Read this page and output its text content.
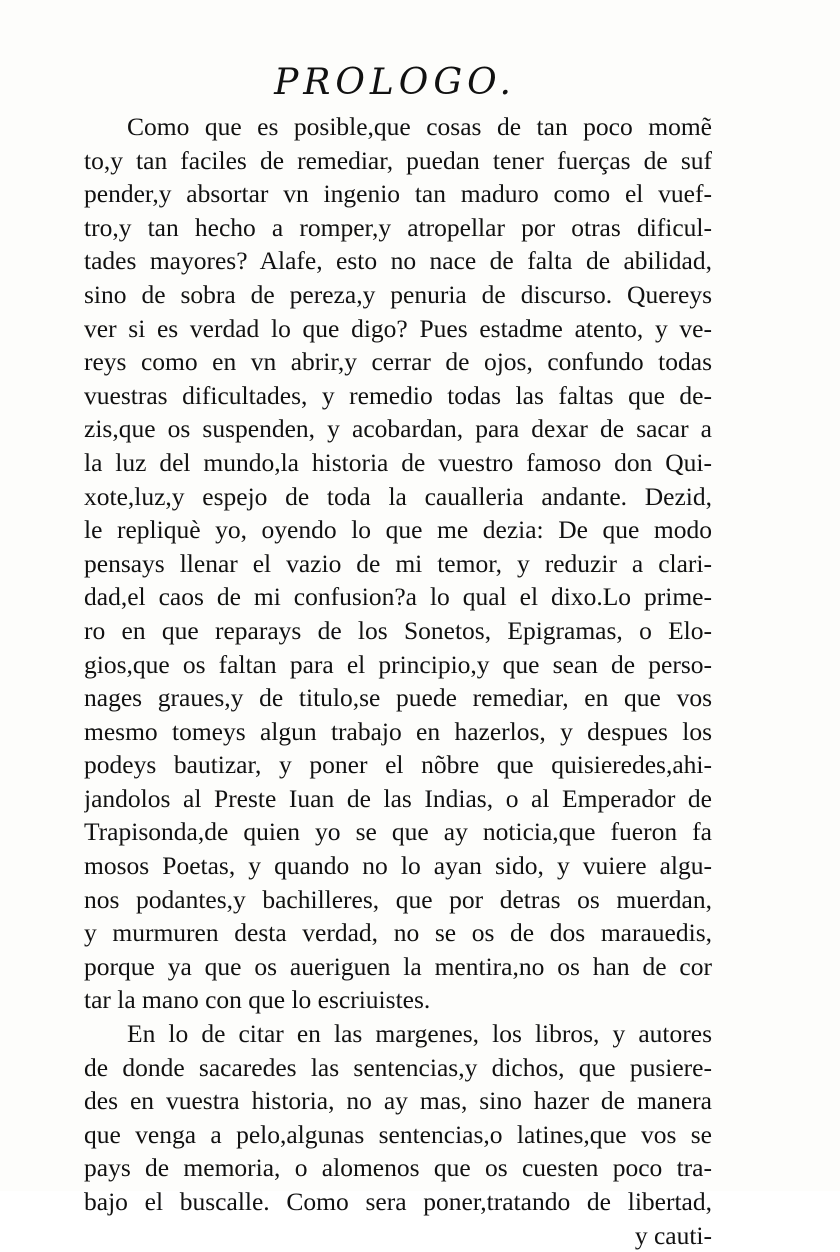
PROLOGO.
Como que es posible,que cosas de tan poco momẽ
to,y tan faciles de remediar, puedan tener fuerças de suf
pender,y absortar vn ingenio tan maduro como el vuef-
tro,y tan hecho a romper,y atropellar por otras dificul-
tades mayores? Alafe, esto no nace de falta de abilidad,
sino de sobra de pereza,y penuria de discurso. Quereys
ver si es verdad lo que digo? Pues estadme atento, y ve-
reys como en vn abrir,y cerrar de ojos, confundo todas
vuestras dificultades, y remedio todas las faltas que de-
zis,que os suspenden, y acobardan, para dexar de sacar a
la luz del mundo,la historia de vuestro famoso don Qui-
xote,luz,y espejo de toda la caualleria andante. Dezid,
le repliquè yo, oyendo lo que me dezia: De que modo
pensays llenar el vazio de mi temor, y reduzir a clari-
dad,el caos de mi confusion?a lo qual el dixo.Lo prime-
ro en que reparays de los Sonetos, Epigramas, o Elo-
gios,que os faltan para el principio,y que sean de perso-
nages graues,y de titulo,se puede remediar, en que vos
mesmo tomeys algun trabajo en hazerlos, y despues los
podeys bautizar, y poner el nõbre que quisieredes,ahi-
jandolos al Preste Iuan de las Indias, o al Emperador de
Trapisonda,de quien yo se que ay noticia,que fueron fa
mosos Poetas, y quando no lo ayan sido, y vuiere algu-
nos podantes,y bachilleres, que por detras os muerdan,
y murmuren desta verdad, no se os de dos marauedis,
porque ya que os aueriguen la mentira,no os han de cor
tar la mano con que lo escriuistes.
En lo de citar en las margenes, los libros, y autores
de donde sacaredes las sentencias,y dichos, que pusiere-
des en vuestra historia, no ay mas, sino hazer de manera
que venga a pelo,algunas sentencias,o latines,que vos se
pays de memoria, o alomenos que os cuesten poco tra-
bajo el buscalle. Como sera poner,tratando de libertad,
y cauti-
